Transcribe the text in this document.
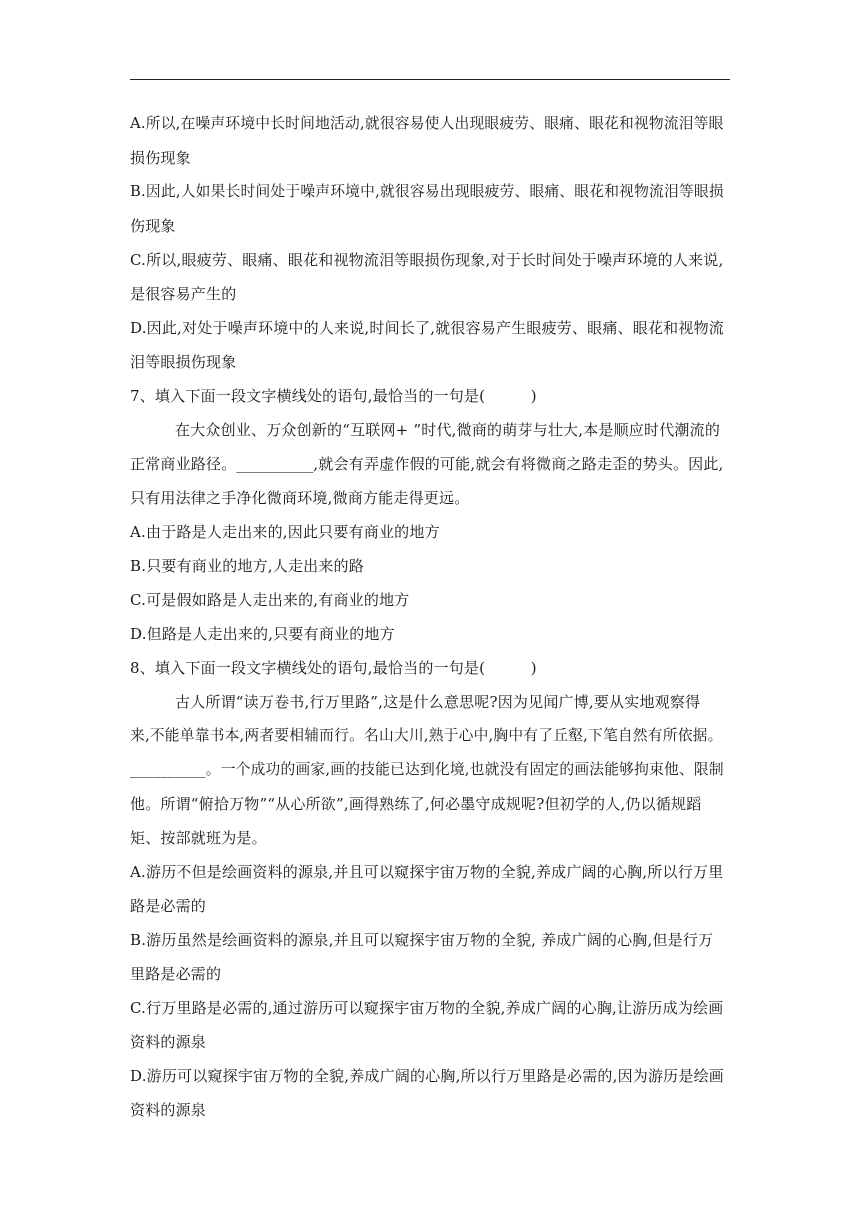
A.所以,在噪声环境中长时间地活动,就很容易使人出现眼疲劳、眼痛、眼花和视物流泪等眼
损伤现象
B.因此,人如果长时间处于噪声环境中,就很容易出现眼疲劳、眼痛、眼花和视物流泪等眼损
伤现象
C.所以,眼疲劳、眼痛、眼花和视物流泪等眼损伤现象,对于长时间处于噪声环境的人来说,
是很容易产生的
D.因此,对处于噪声环境中的人来说,时间长了,就很容易产生眼疲劳、眼痛、眼花和视物流
泪等眼损伤现象
7、填入下面一段文字横线处的语句,最恰当的一句是(　　　)
在大众创业、万众创新的“互联网+ ”时代,微商的萌芽与壮大,本是顺应时代潮流的
正常商业路径。__________,就会有弄虚作假的可能,就会有将微商之路走歪的势头。因此,
只有用法律之手净化微商环境,微商方能走得更远。
A.由于路是人走出来的,因此只要有商业的地方
B.只要有商业的地方,人走出来的路
C.可是假如路是人走出来的,有商业的地方
D.但路是人走出来的,只要有商业的地方
8、填入下面一段文字横线处的语句,最恰当的一句是(　　　)
古人所谓“读万卷书,行万里路”,这是什么意思呢?因为见闻广博,要从实地观察得
来,不能单靠书本,两者要相辅而行。名山大川,熟于心中,胸中有了丘壑,下笔自然有所依据。
__________。一个成功的画家,画的技能已达到化境,也就没有固定的画法能够拘束他、限制
他。所谓“俯拾万物”“从心所欲”,画得熟练了,何必墨守成规呢?但初学的人,仍以循规蹈
矩、按部就班为是。
A.游历不但是绘画资料的源泉,并且可以窥探宇宙万物的全貌,养成广阔的心胸,所以行万里
路是必需的
B.游历虽然是绘画资料的源泉,并且可以窥探宇宙万物的全貌, 养成广阔的心胸,但是行万
里路是必需的
C.行万里路是必需的,通过游历可以窥探宇宙万物的全貌,养成广阔的心胸,让游历成为绘画
资料的源泉
D.游历可以窥探宇宙万物的全貌,养成广阔的心胸,所以行万里路是必需的,因为游历是绘画
资料的源泉
